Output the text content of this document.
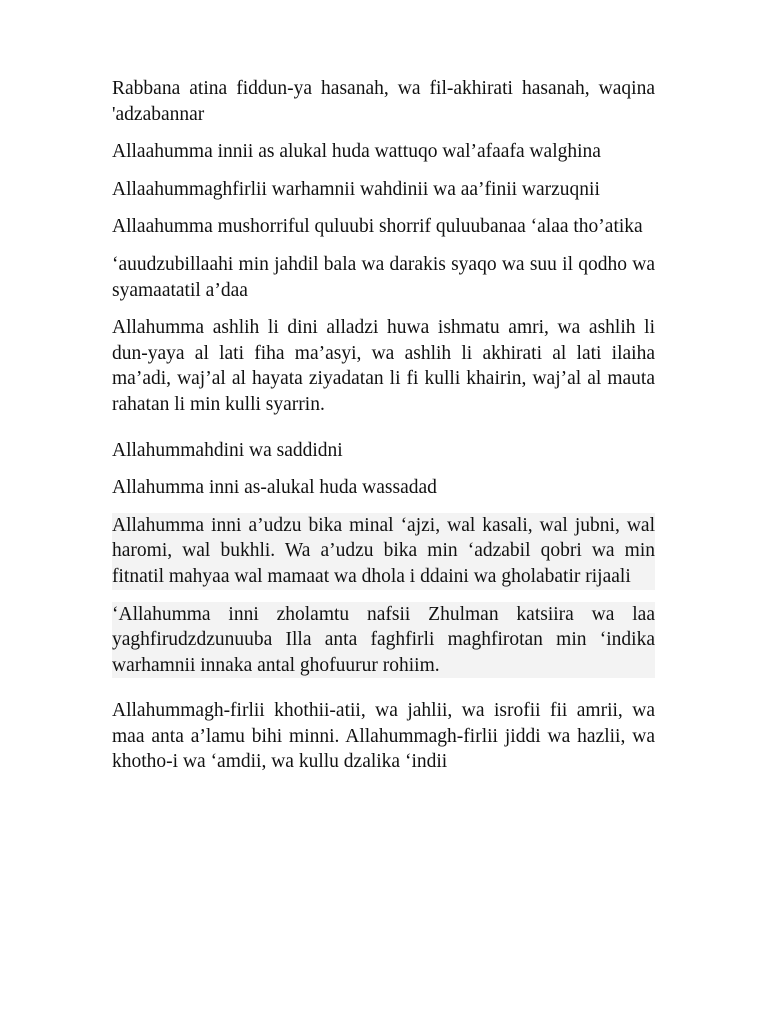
Rabbana atina fiddun-ya hasanah, wa fil-akhirati hasanah, waqina 'adzabannar

Allaahumma innii as alukal huda wattuqo wal’afaafa walghina

Allaahummaghfirlii warhamnii wahdinii wa aa’finii warzuqnii

Allaahumma mushorriful quluubi shorrif quluubanaa ‘alaa tho’atika

‘auudzubillaahi min jahdil bala wa darakis syaqo wa suu il qodho wa syamaatatil a’daa

Allahumma ashlih li dini alladzi huwa ishmatu amri, wa ashlih li dun-yaya al lati fiha ma’asyi, wa ashlih li akhirati al lati ilaiha ma’adi, waj’al al hayata ziyadatan li fi kulli khairin, waj’al al mauta rahatan li min kulli syarrin.

Allahummahdini wa saddidni

Allahumma inni as-alukal huda wassadad

Allahumma inni a’udzu bika minal ‘ajzi, wal kasali, wal jubni, wal haromi, wal bukhli. Wa a’udzu bika min ‘adzabil qobri wa min fitnatil mahyaa wal mamaat wa dhola i ddaini wa gholabatir rijaali

‘Allahumma inni zholamtu nafsii Zhulman katsiira wa laa yaghfirudzdzunuuba Illa anta faghfirli maghfirotan min ‘indika warhamnii innaka antal ghofuurur rohiim.

Allahummagh-firlii khothii-atii, wa jahlii, wa isrofii fii amrii, wa maa anta a’lamu bihi minni. Allahummagh-firlii jiddi wa hazlii, wa khotho-i wa ‘amdii, wa kullu dzalika ‘indii
